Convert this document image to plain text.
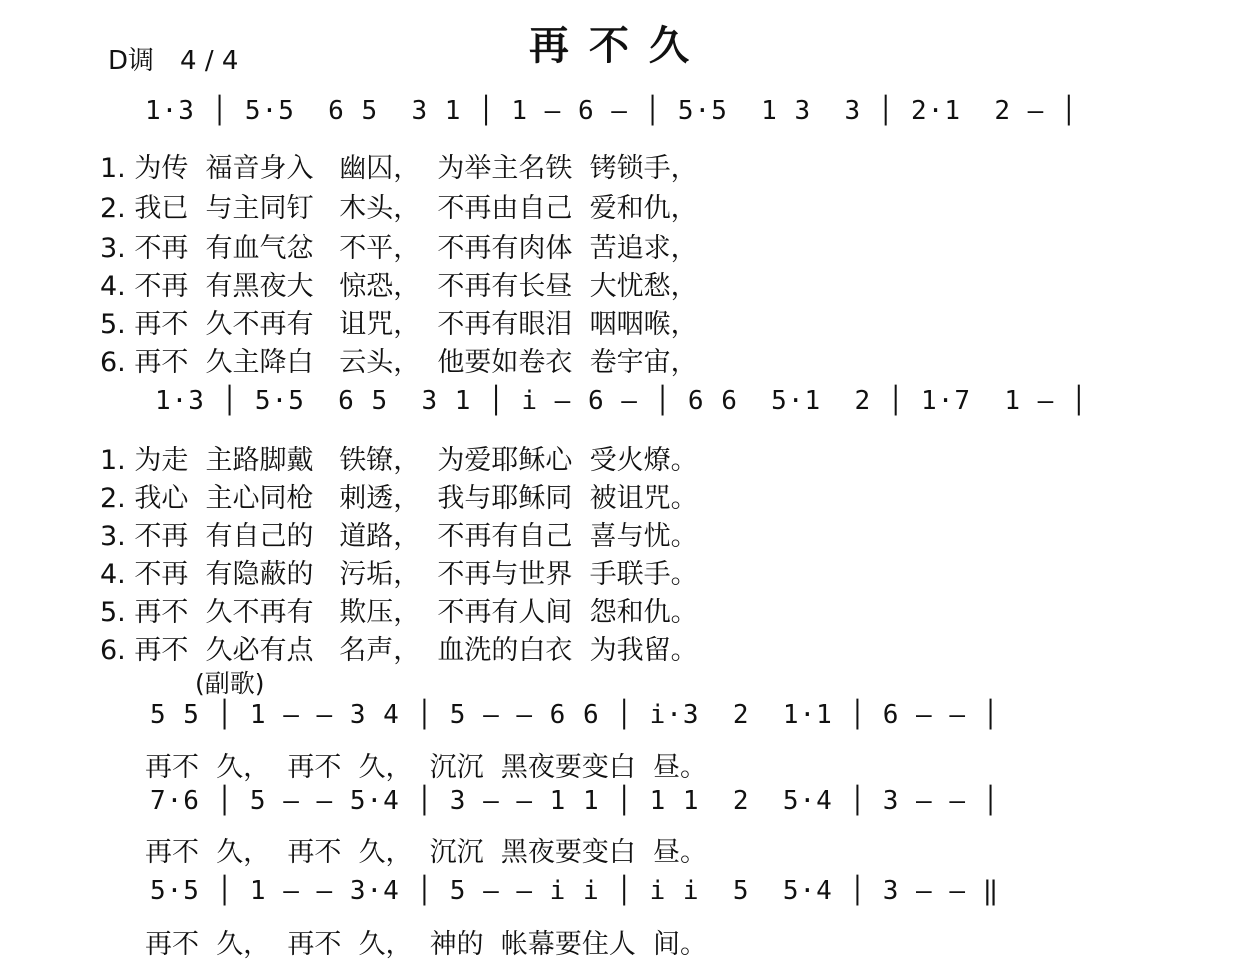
再不久
D调　4 / 4
1·3 │ 5·5  6 5  3 1 │ 1 — 6 — │ 5·5  1 3  3 │ 2·1  2 — │
1. 为传  福音身入   幽囚，  为举主名铁  铐锁手，
2. 我已  与主同钉   木头，  不再由自己  爱和仇，
3. 不再  有血气忿   不平，  不再有肉体  苦追求，
4. 不再  有黑夜大   惊恐，  不再有长昼  大忧愁，
5. 再不  久不再有   诅咒，  不再有眼泪  咽咽喉，
6. 再不  久主降白   云头，  他要如卷衣  卷宇宙，
1·3 │ 5·5  6 5  3 1 │ i — 6 — │ 6 6  5·1  2 │ 1·7  1 — │
1. 为走  主路脚戴   铁镣，  为爱耶稣心  受火燎。
2. 我心  主心同枪   刺透，  我与耶稣同  被诅咒。
3. 不再  有自己的   道路，  不再有自己  喜与忧。
4. 不再  有隐蔽的   污垢，  不再与世界  手联手。
5. 再不  久不再有   欺压，  不再有人间  怨和仇。
6. 再不  久必有点   名声，  血洗的白衣  为我留。
(副歌)
5 5 │ 1 — — 3 4 │ 5 — — 6 6 │ i·3  2  1·1 │ 6 — — │
再不  久，  再不  久，  沉沉  黑夜要变白  昼。
7·6 │ 5 — — 5·4 │ 3 — — 1 1 │ 1 1  2  5·4 │ 3 — — │
再不  久，  再不  久，  沉沉  黑夜要变白  昼。
5·5 │ 1 — — 3·4 │ 5 — — i i │ i i  5  5·4 │ 3 — — ‖
再不  久，  再不  久，  神的  帐幕要住人  间。
